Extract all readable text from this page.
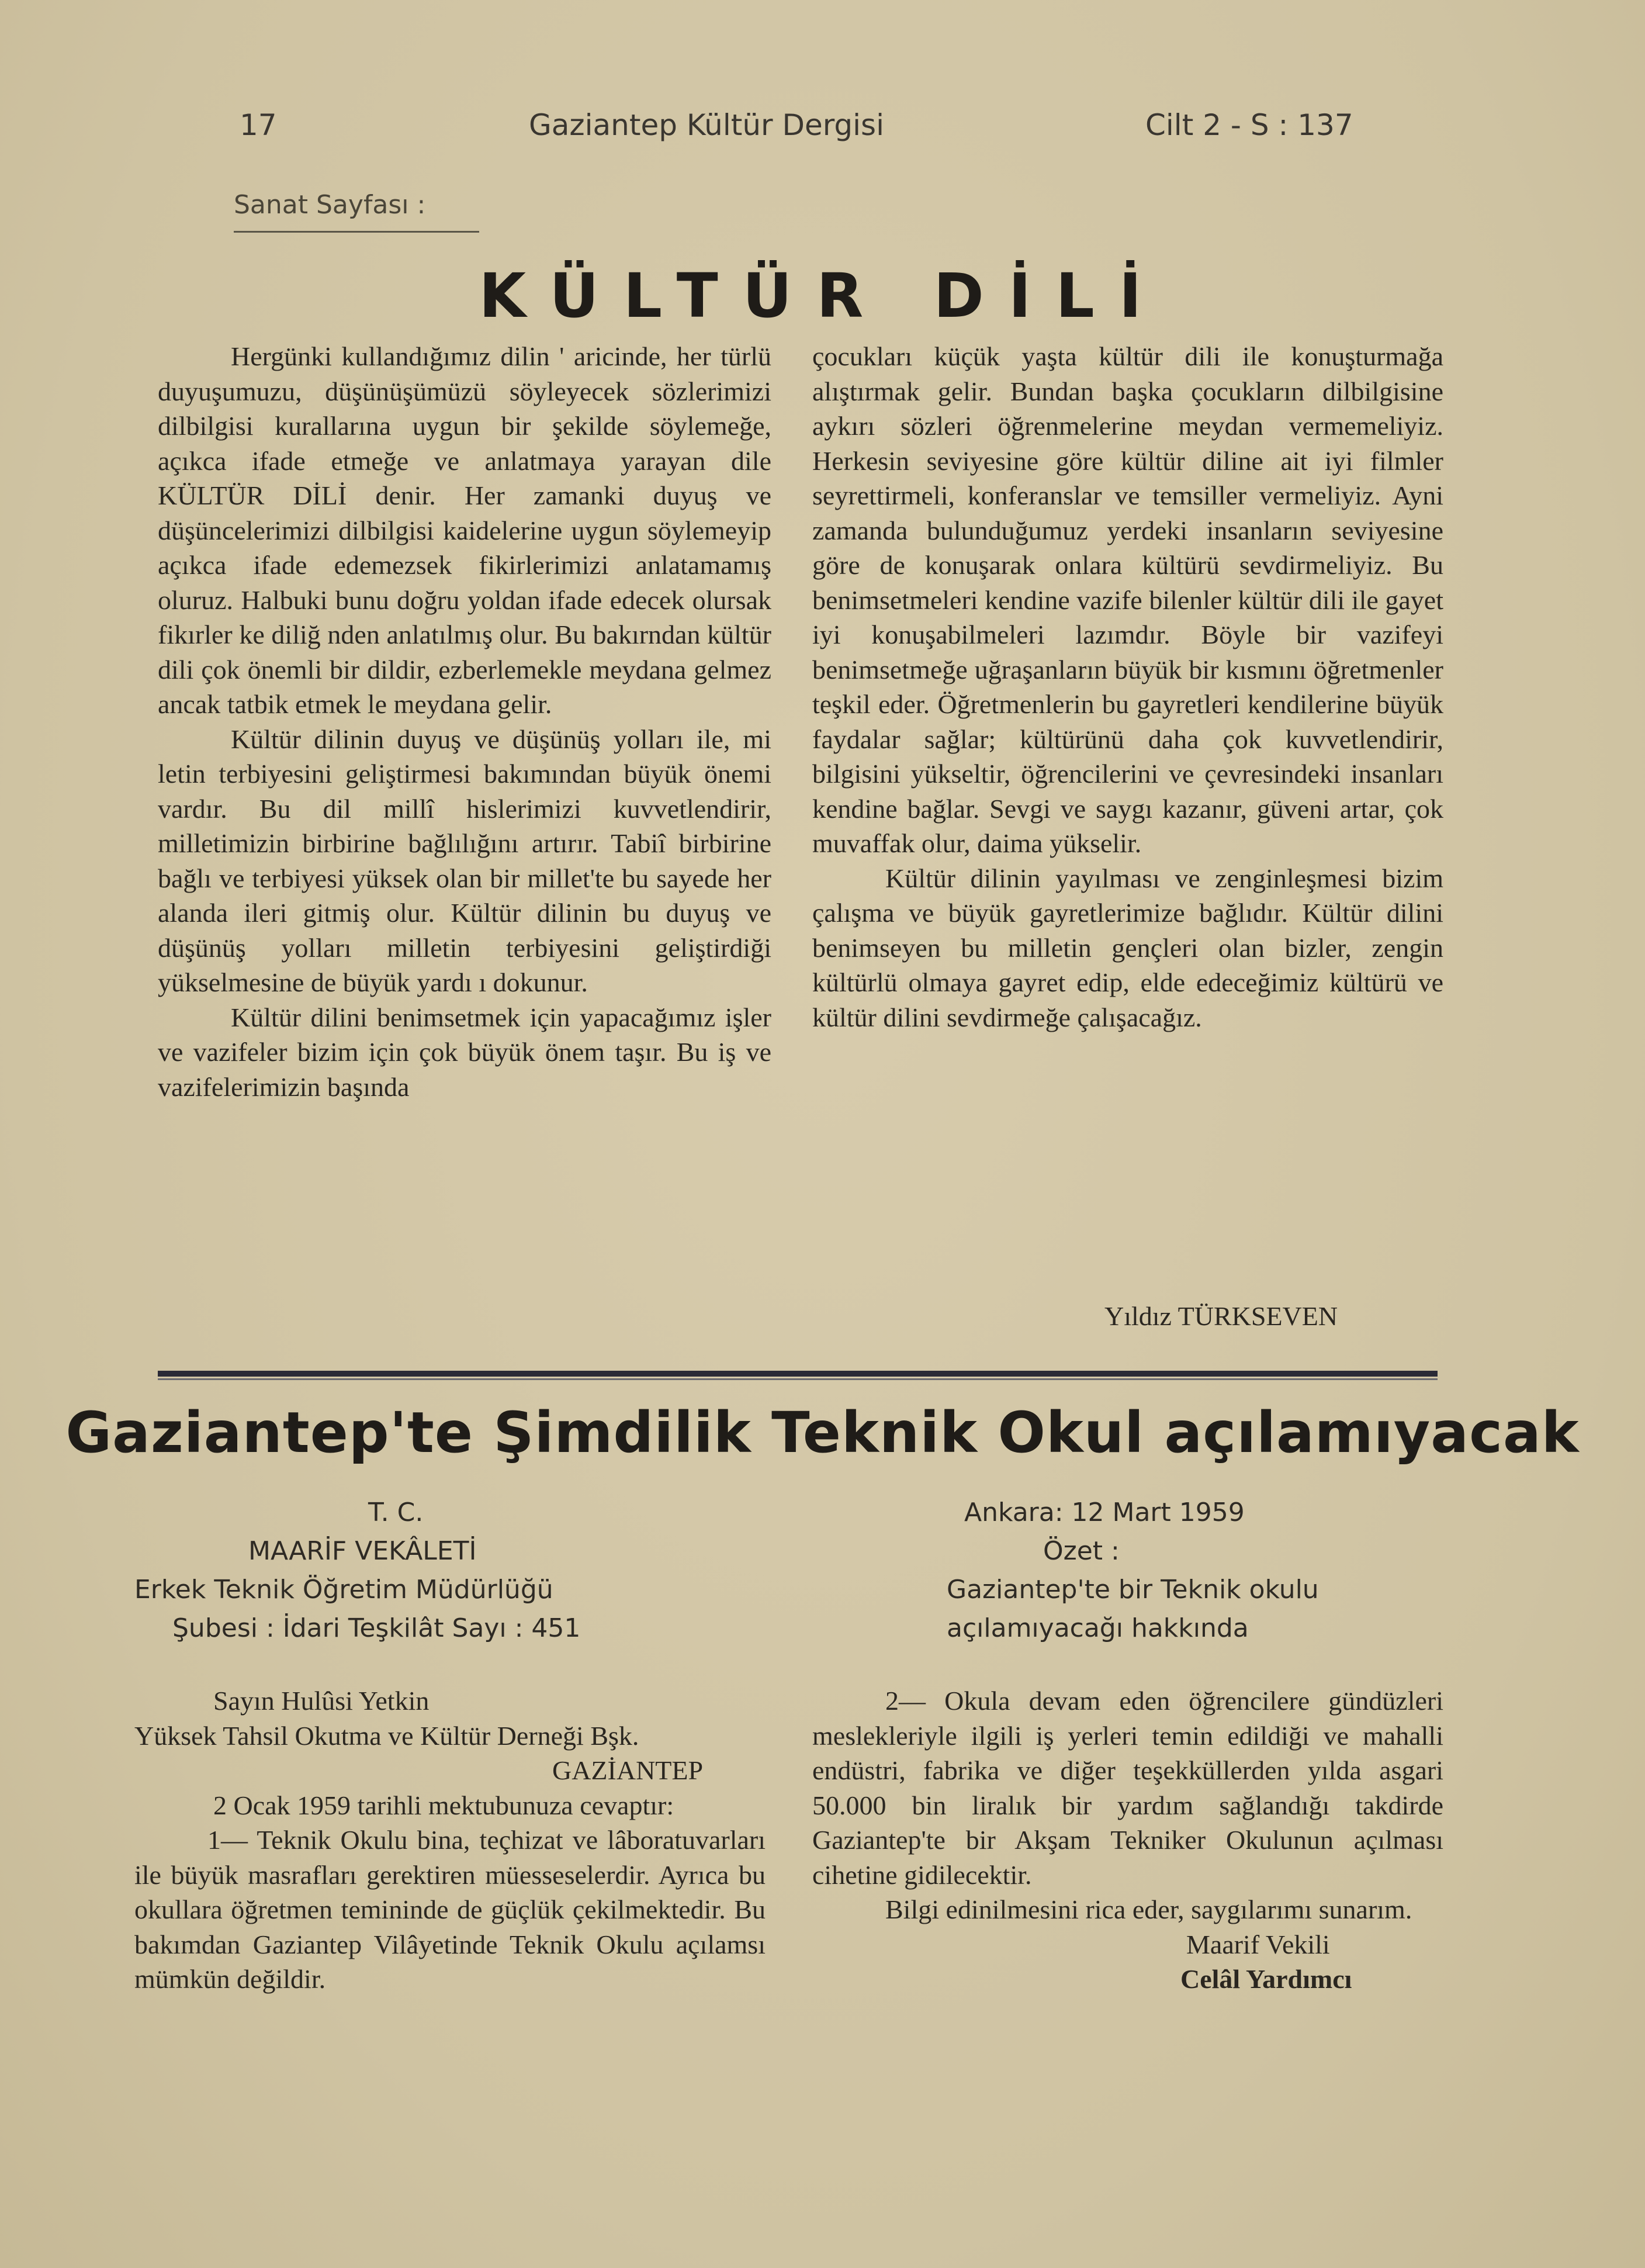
17	Gaziantep Kültür Dergisi	Cilt 2 - S : 137
Sanat Sayfası :
KÜLTÜR DİLİ

Hergünki kullandığımız dilin ' aricinde, her türlü duyuşumuzu, düşünüşümüzü söyleyecek sözlerimizi dilbilgisi kurallarına uygun bir şekilde söylemeğe, açıkca ifade etmeğe ve anlatmaya yarayan dile KÜLTÜR DİLİ denir. Her zamanki duyuş ve düşüncelerimizi dilbilgisi kaidelerine uygun söylemeyip açıkca ifade edemezsek fikirlerimizi anlatamamış oluruz. Halbuki bunu doğru yoldan ifade edecek olursak fikırler ke diliğ nden anlatılmış olur. Bu bakırndan kültür dili çok önemli bir dildir, ezberlemekle meydana gelmez ancak tatbik etmek le meydana gelir.

Kültür dilinin duyuş ve düşünüş yolları ile, mi letin terbiyesini geliştirmesi bakımından büyük önemi vardır. Bu dil millî hislerimizi kuvvetlendirir, milletimizin birbirine bağlılığını artırır. Tabiî birbirine bağlı ve terbiyesi yüksek olan bir millet'te bu sayede her alanda ileri gitmiş olur. Kültür dilinin bu duyuş ve düşünüş yolları milletin terbiyesini geliştirdiği yükselmesine de büyük yardı ı dokunur.

Kültür dilini benimsetmek için yapacağımız işler ve vazifeler bizim için çok büyük önem taşır. Bu iş ve vazifelerimizin başında

çocukları küçük yaşta kültür dili ile konuşturmağa alıştırmak gelir. Bundan başka çocukların dilbilgisine aykırı sözleri öğrenmelerine meydan vermemeliyiz. Herkesin seviyesine göre kültür diline ait iyi filmler seyrettirmeli, konferanslar ve temsiller vermeliyiz. Ayni zamanda bulunduğumuz yerdeki insanların seviyesine göre de konuşarak onlara kültürü sevdirmeliyiz. Bu benimsetmeleri kendine vazife bilenler kültür dili ile gayet iyi konuşabilmeleri lazımdır. Böyle bir vazifeyi benimsetmeğe uğraşanların büyük bir kısmını öğretmenler teşkil eder. Öğretmenlerin bu gayretleri kendilerine büyük faydalar sağlar; kültürünü daha çok kuvvetlendirir, bilgisini yükseltir, öğrencilerini ve çevresindeki insanları kendine bağlar. Sevgi ve saygı kazanır, güveni artar, çok muvaffak olur, daima yükselir.

Kültür dilinin yayılması ve zenginleşmesi bizim çalışma ve büyük gayretlerimize bağlıdır. Kültür dilini benimseyen bu milletin gençleri olan bizler, zengin kültürlü olmaya gayret edip, elde edeceğimiz kültürü ve kültür dilini sevdirmeğe çalışacağız.

Yıldız TÜRKSEVEN
Gaziantep'te Şimdilik Teknik Okul açılamıyacak
T. C.
MAARİF VEKÂLETİ
Erkek Teknik Öğretim Müdürlüğü
Şubesi : İdari Teşkilât Sayı : 451
Ankara: 12 Mart 1959
Özet :
Gaziantep'te bir Teknik okulu
açılamıyacağı hakkında

Sayın Hulûsi Yetkin

Yüksek Tahsil Okutma ve Kültür Derneği Bşk.

GAZİANTEP

2 Ocak 1959 tarihli mektubunuza cevaptır:

1— Teknik Okulu bina, teçhizat ve lâboratuvarları ile büyük masrafları gerektiren müesseselerdir. Ayrıca bu okullara öğretmen temininde de güçlük çekilmektedir. Bu bakımdan Gaziantep Vilâyetinde Teknik Okulu açılamsı mümkün değildir.

2— Okula devam eden öğrencilere gündüzleri meslekleriyle ilgili iş yerleri temin edildiği ve mahalli endüstri, fabrika ve diğer teşekküllerden yılda asgari 50.000 bin liralık bir yardım sağlandığı takdirde Gaziantep'te bir Akşam Tekniker Okulunun açılması cihetine gidilecektir.

Bilgi edinilmesini rica eder, saygılarımı sunarım.

Maarif Vekili

Celâl Yardımcı
